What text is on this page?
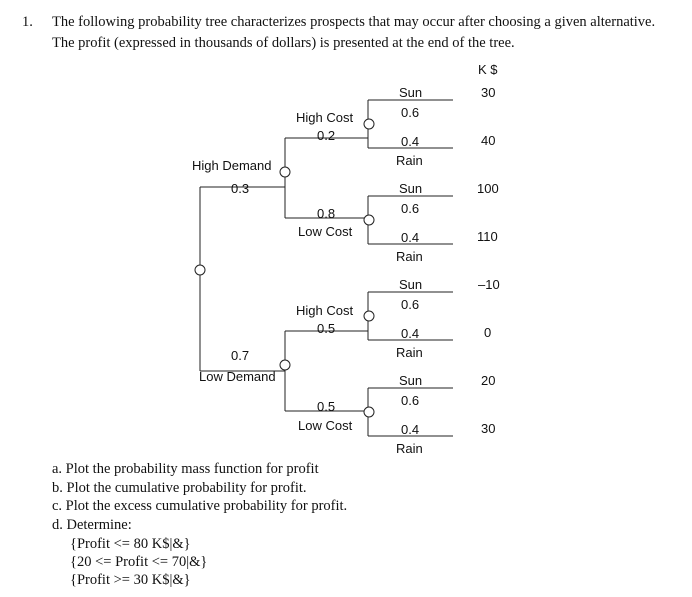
1. The following probability tree characterizes prospects that may occur after choosing a given alternative.
The profit (expressed in thousands of dollars) is presented at the end of the tree.
K $
High Demand
0.3
0.7
Low Demand
High Cost
0.2
0.8
Low Cost
High Cost
0.5
0.5
Low Cost
Sun
0.6
0.4
Rain
30
40
Sun
0.6
0.4
Rain
100
110
Sun
0.6
0.4
Rain
–10
0
Sun
0.6
0.4
Rain
20
30
a. Plot the probability mass function for profit
b. Plot the cumulative probability for profit.
c. Plot the excess cumulative probability for profit.
d. Determine:
{Profit <= 80 K$|&}
{20 <= Profit <= 70|&}
{Profit >= 30 K$|&}
